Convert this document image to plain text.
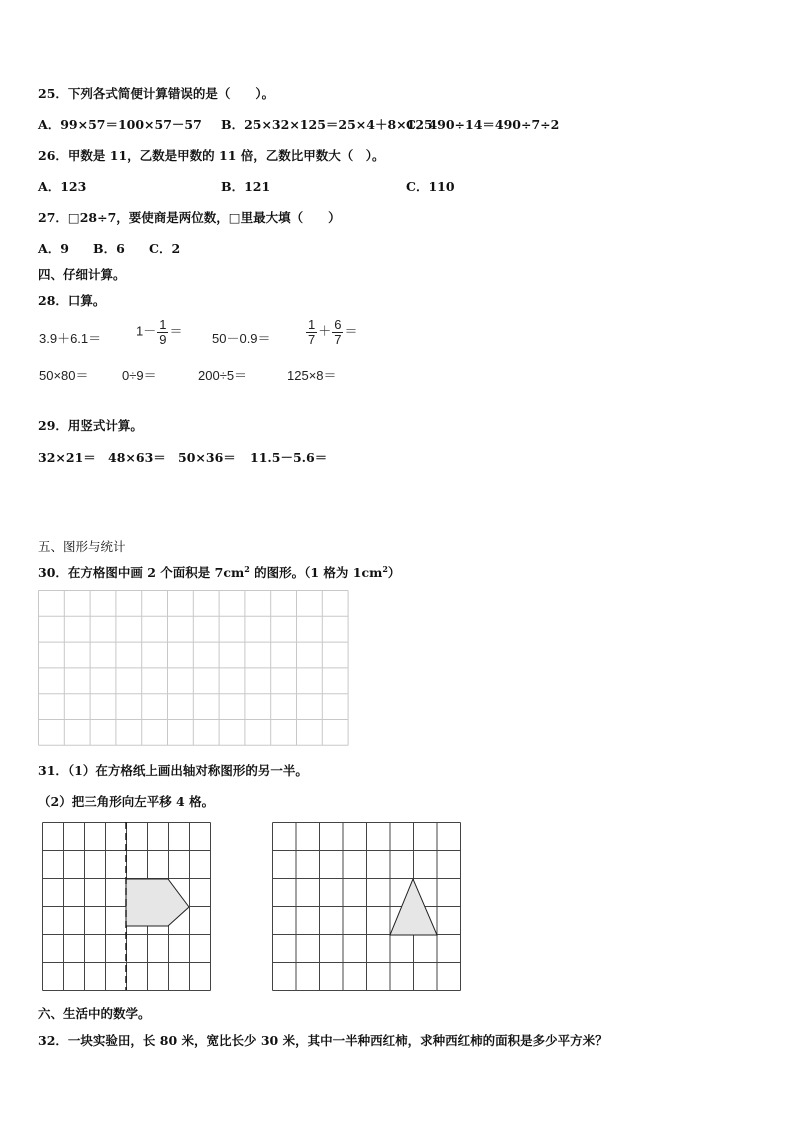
25．下列各式简便计算错误的是（　　）。
A．99×57＝100×57－57 B．25×32×125＝25×4＋8×125
C．490÷14＝490÷7÷2
26．甲数是 11，乙数是甲数的 11 倍，乙数比甲数大（　）。
A．123	B．121	C．110
27．□28÷7，要使商是两位数，□里最大填（　　）
A．9 B．6 C．2
四、仔细计算。
28．口算。
3.9＋6.1＝	$1- \frac{1}{9} = 50-0.9=$	$\frac{1}{7} + \frac{6}{7}$ ＝
50×80＝	0÷9＝	200÷5＝	125×8＝
29．用竖式计算。
32×21＝ 48×63＝ 50×36＝ 11.5－5.6＝
五、图形与统计
30．在方格图中画 2 个面积是 $7cm^2$ 的图形。（1 格为 $1cm^2$）
31．（1）在方格纸上画出轴对称图形的另一半。
（2）把三角形向左平移 4 格。
六、生活中的数学。
32．一块实验田，长 80 米，宽比长少 30 米，其中一半种西红柿，求种西红柿的面积是多少平方米？
